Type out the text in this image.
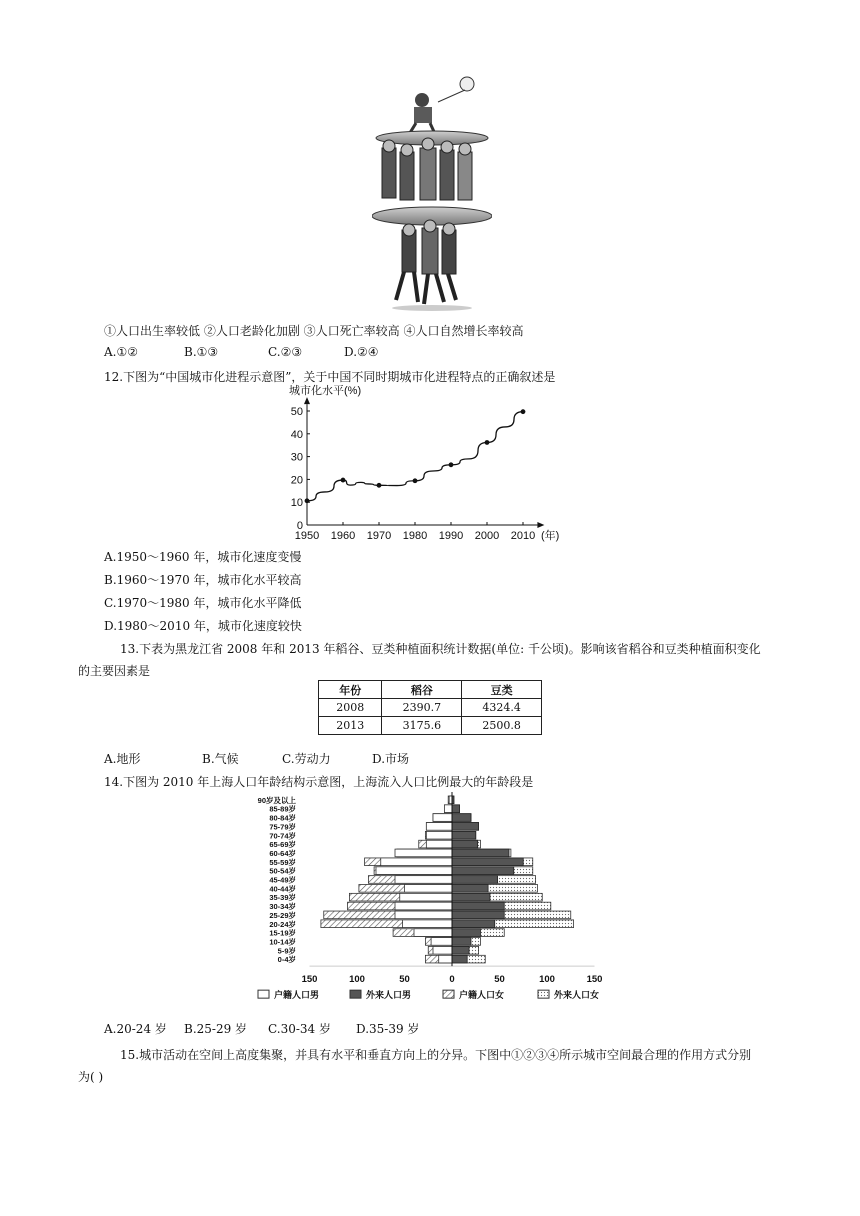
①人口出生率较低 ②人口老龄化加剧 ③人口死亡率较高 ④人口自然增长率较高
A.①②	B.①③	C.②③	D.②④
12.下图为“中国城市化进程示意图”，关于中国不同时期城市化进程特点的正确叙述是
城市化水平(%)
0
10
20
30
40
50
1950 1960 1970 1980 1990 2000 2010 (年)
A.1950～1960 年，城市化速度变慢
B.1960～1970 年，城市化水平较高
C.1970～1980 年，城市化水平降低
D.1980～2010 年，城市化速度较快
13.下表为黑龙江省 2008 年和 2013 年稻谷、豆类种植面积统计数据(单位: 千公顷)。影响该省稻谷和豆类种植面积变化
的主要因素是
年份	稻谷	豆类
2008	2390.7	4324.4
2013	3175.6	2500.8
A.地形	B.气候	C.劳动力	D.市场
14.下图为 2010 年上海人口年龄结构示意图，上海流入人口比例最大的年龄段是
0-4岁
5-9岁
10-14岁
15-19岁
20-24岁
25-29岁
30-34岁
35-39岁
40-44岁
45-49岁
50-54岁
55-59岁
60-64岁
65-69岁
70-74岁
75-79岁
80-84岁
85-89岁
90岁及以上
150	100	50	0	50	100	150
户籍人口男	外来人口男	户籍人口女	外来人口女
A.20-24 岁 B.25-29 岁 C.30-34 岁 D.35-39 岁
15.城市活动在空间上高度集聚，并具有水平和垂直方向上的分异。下图中①②③④所示城市空间最合理的作用方式分别
为( )
